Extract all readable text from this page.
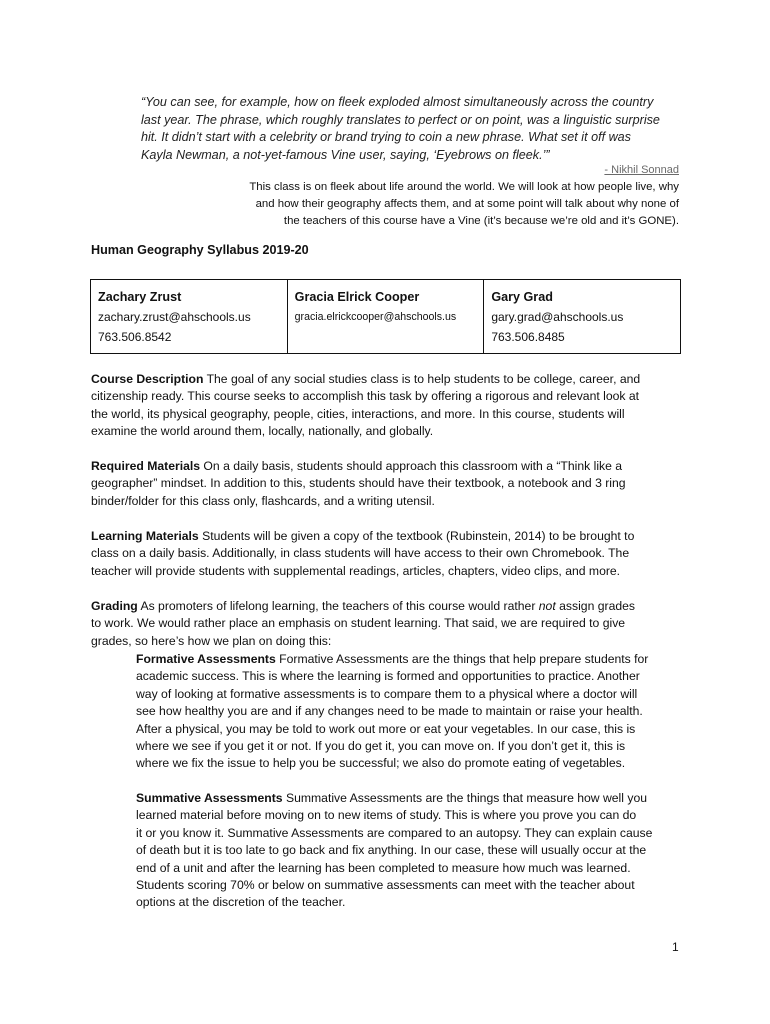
“You can see, for example, how on fleek exploded almost simultaneously across the country
last year. The phrase, which roughly translates to perfect or on point, was a linguistic surprise
hit. It didn’t start with a celebrity or brand trying to coin a new phrase. What set it off was
Kayla Newman, a not-yet-famous Vine user, saying, ‘Eyebrows on fleek.’”
- Nikhil Sonnad
This class is on fleek about life around the world. We will look at how people live, why
and how their geography affects them, and at some point will talk about why none of
the teachers of this course have a Vine (it’s because we’re old and it’s GONE).
Human Geography Syllabus 2019-20
Zachary Zrust
zachary.zrust@ahschools.us
763.506.8542

Gracia Elrick Cooper
gracia.elrickcooper@ahschools.us

Gary Grad
gary.grad@ahschools.us
763.506.8485
Course Description The goal of any social studies class is to help students to be college, career, and
citizenship ready. This course seeks to accomplish this task by offering a rigorous and relevant look at
the world, its physical geography, people, cities, interactions, and more. In this course, students will
examine the world around them, locally, nationally, and globally.
Required Materials On a daily basis, students should approach this classroom with a “Think like a
geographer” mindset. In addition to this, students should have their textbook, a notebook and 3 ring
binder/folder for this class only, flashcards, and a writing utensil.
Learning Materials Students will be given a copy of the textbook (Rubinstein, 2014) to be brought to
class on a daily basis. Additionally, in class students will have access to their own Chromebook. The
teacher will provide students with supplemental readings, articles, chapters, video clips, and more.
Grading As promoters of lifelong learning, the teachers of this course would rather not assign grades
to work. We would rather place an emphasis on student learning. That said, we are required to give
grades, so here’s how we plan on doing this:
Formative Assessments Formative Assessments are the things that help prepare students for
academic success. This is where the learning is formed and opportunities to practice. Another
way of looking at formative assessments is to compare them to a physical where a doctor will
see how healthy you are and if any changes need to be made to maintain or raise your health.
After a physical, you may be told to work out more or eat your vegetables. In our case, this is
where we see if you get it or not. If you do get it, you can move on. If you don’t get it, this is
where we fix the issue to help you be successful; we also do promote eating of vegetables.
Summative Assessments Summative Assessments are the things that measure how well you
learned material before moving on to new items of study. This is where you prove you can do
it or you know it. Summative Assessments are compared to an autopsy. They can explain cause
of death but it is too late to go back and fix anything. In our case, these will usually occur at the
end of a unit and after the learning has been completed to measure how much was learned.
Students scoring 70% or below on summative assessments can meet with the teacher about
options at the discretion of the teacher.
1
